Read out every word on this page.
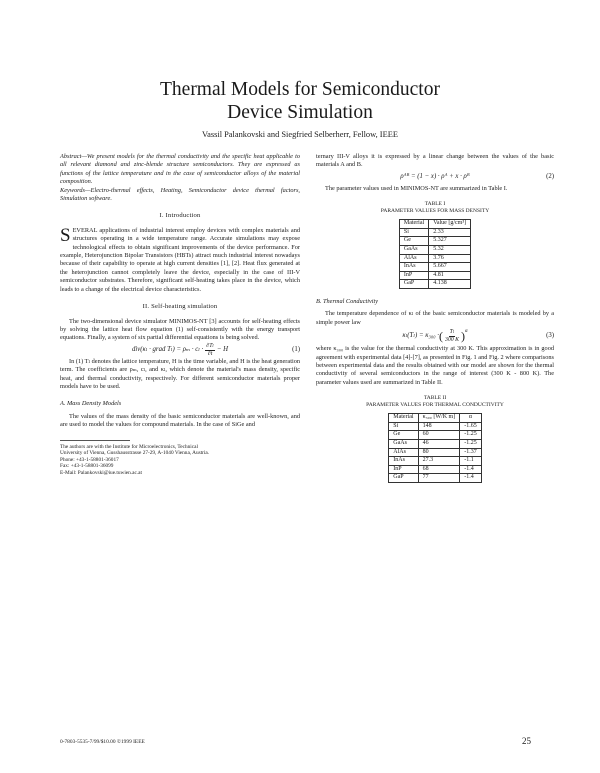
Thermal Models for Semiconductor
Device Simulation
Vassil Palankovski and Siegfried Selberherr, Fellow, IEEE

Abstract—We present models for the thermal conductivity and the specific heat applicable to all relevant diamond and zinc-blende structure semiconductors. They are expressed as functions of the lattice temperature and in the case of semiconductor alloys of the material composition.

Keywords—Electro-thermal effects, Heating, Semiconductor device thermal factors, Simulation software.

I. Introduction

SEVERAL applications of industrial interest employ devices with complex materials and structures operating in a wide temperature range. Accurate simulations may expose technological effects to obtain significant improvements of the device performance. For example, Heterojunction Bipolar Transistors (HBTs) attract much industrial interest nowadays because of their capability to operate at high current densities [1], [2]. Heat flux generated at the heterojunction cannot completely leave the device, especially in the case of III-V semiconductor substrates. Therefore, significant self-heating takes place in the device, which leads to a change of the electrical device characteristics.

II. Self-heating simulation

The two-dimensional device simulator MINIMOS-NT [3] accounts for self-heating effects by solving the lattice heat flow equation (1) self-consistently with the energy transport equations. Finally, a system of six partial differential equations is being solved.

div(κₗ · grad $T_l) = \rho_m \cdot c_l \cdot \frac{\text{∂Tₗ}}{\partial t} - H$	(1)

In (1) Tₗ denotes the lattice temperature, H is the time variable, and H is the heat generation term. The coefficients are ρₘ, cₗ, and κₗ, which denote the material's mass density, specific heat, and thermal conductivity, respectively. For different semiconductor materials proper models have to be used.

A. Mass Density Models

The values of the mass density of the basic semiconductor materials are well-known, and are used to model the values for compound materials. In the case of SiGe and

The authors are with the Institute for Microelectronics, Technical

University of Vienna, Gusshausstrasse 27-29, A-1040 Vienna, Austria.

Phone: +43-1-58801-36017

Fax: +43-1-58801-36099

E-Mail: Palankovski@iue.tuwien.ac.at

ternary III-V alloys it is expressed by a linear change between the values of the basic materials A and B.

ρᴬᴮ = (1 − x) · ρᴬ + x · ρᴮ	(2)

The parameter values used in MINIMOS-NT are summarized in Table I.

TABLE I
PARAMETER VALUES FOR MASS DENSITY
Material	Value [g/cm³]
Si	2.33
Ge	5.327
GaAs	5.32
AlAs	3.76
InAs	5.667
InP	4.81
GaP	4.138
B. Thermal Conductivity

The temperature dependence of κₗ of the basic semiconductor materials is modeled by a simple power law

κₗ(Tₗ) = κ₃₀₀ · ( $\frac{\text{Tₗ}}{300 K} )^\alpha$
(3)

where κ₃₀₀ is the value for the thermal conductivity at 300 K. This approximation is in good agreement with experimental data [4]-[7], as presented in Fig. 1 and Fig. 2 where comparisons between experimental data and the results obtained with our model are shown for the thermal conductivity of several semiconductors in the range of interest (300 K - 800 K). The parameter values used are summarized in Table II.

TABLE II
PARAMETER VALUES FOR THERMAL CONDUCTIVITY
Material	κ₃₀₀ [W/K m]	α
Si	148	-1.65
Ge	60	-1.25
GaAs	46	-1.25
AlAs	80	-1.37
InAs	27.3	-1.1
InP	68	-1.4
GaP	77	-1.4
0-7803-5535-7/99/$10.00 ©1999 IEEE	25
